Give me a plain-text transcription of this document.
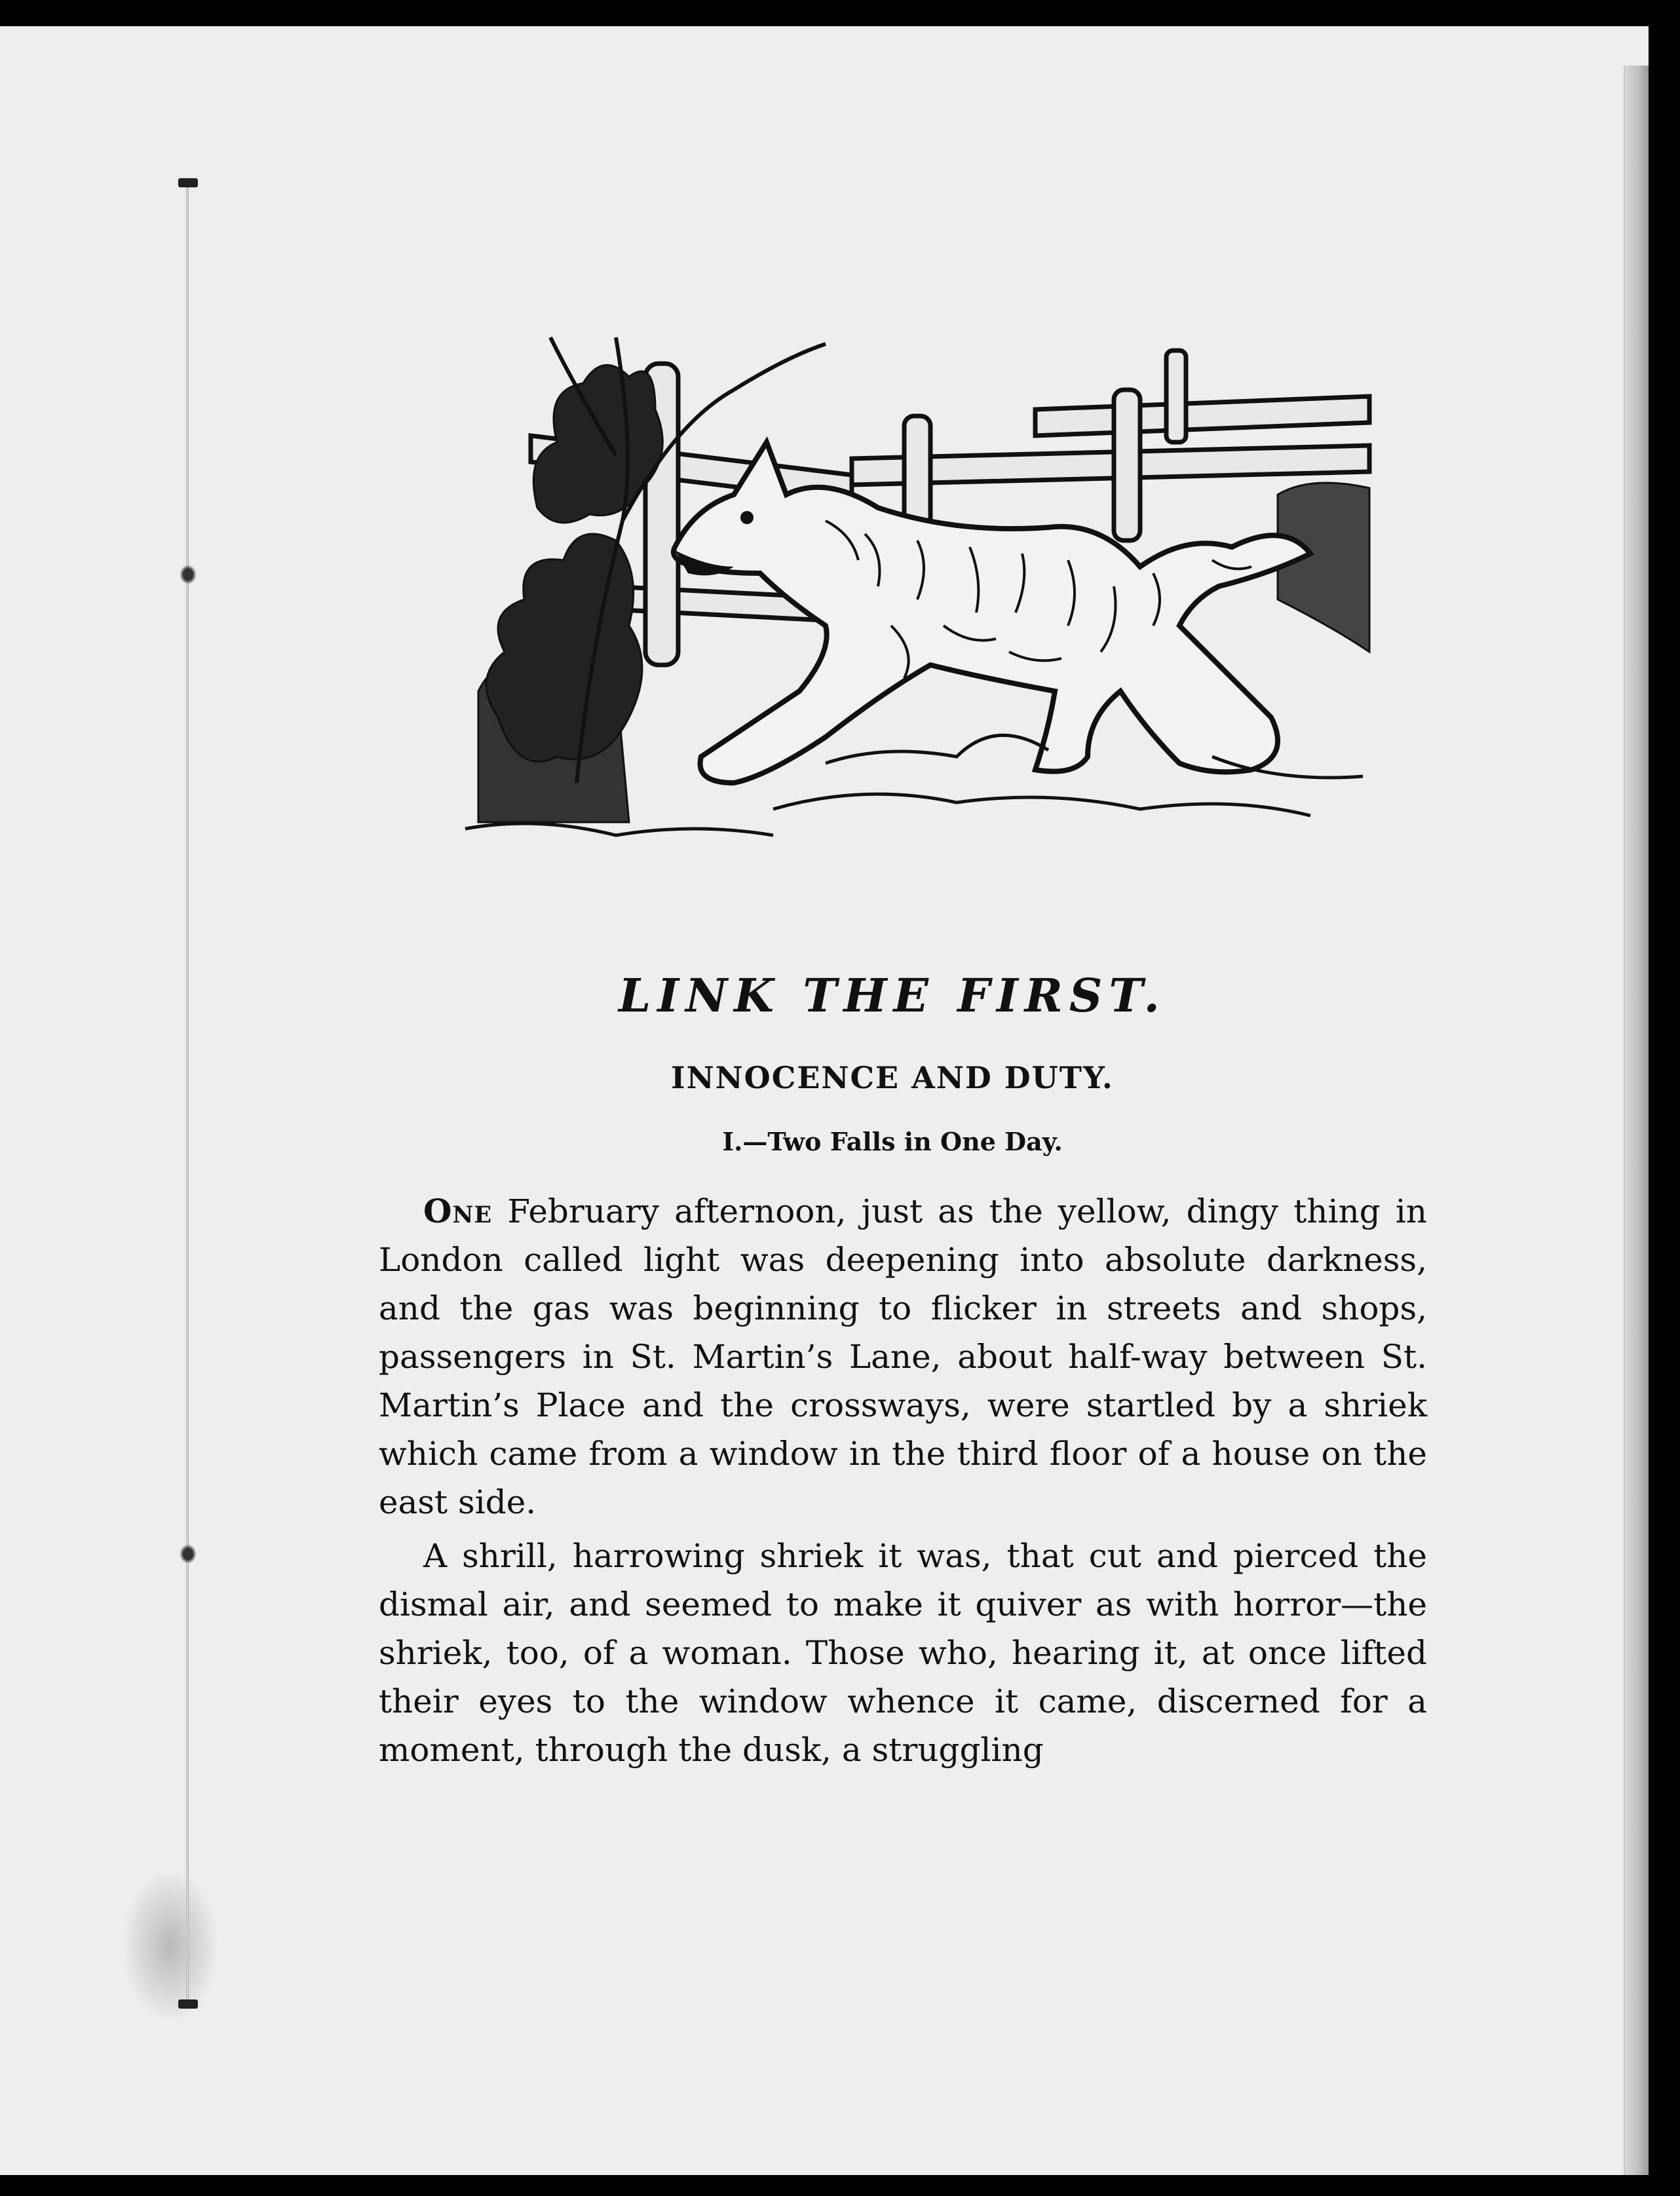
LINK THE FIRST.
INNOCENCE AND DUTY.
I.—Two Falls in One Day.

One February afternoon, just as the yellow, dingy thing in London called light was deepening into absolute darkness, and the gas was beginning to flicker in streets and shops, passengers in St. Martin’s Lane, about half-way between St. Martin’s Place and the crossways, were startled by a shriek which came from a window in the third floor of a house on the east side.

A shrill, harrowing shriek it was, that cut and pierced the dismal air, and seemed to make it quiver as with horror—the shriek, too, of a woman. Those who, hearing it, at once lifted their eyes to the window whence it came, discerned for a moment, through the dusk, a struggling
